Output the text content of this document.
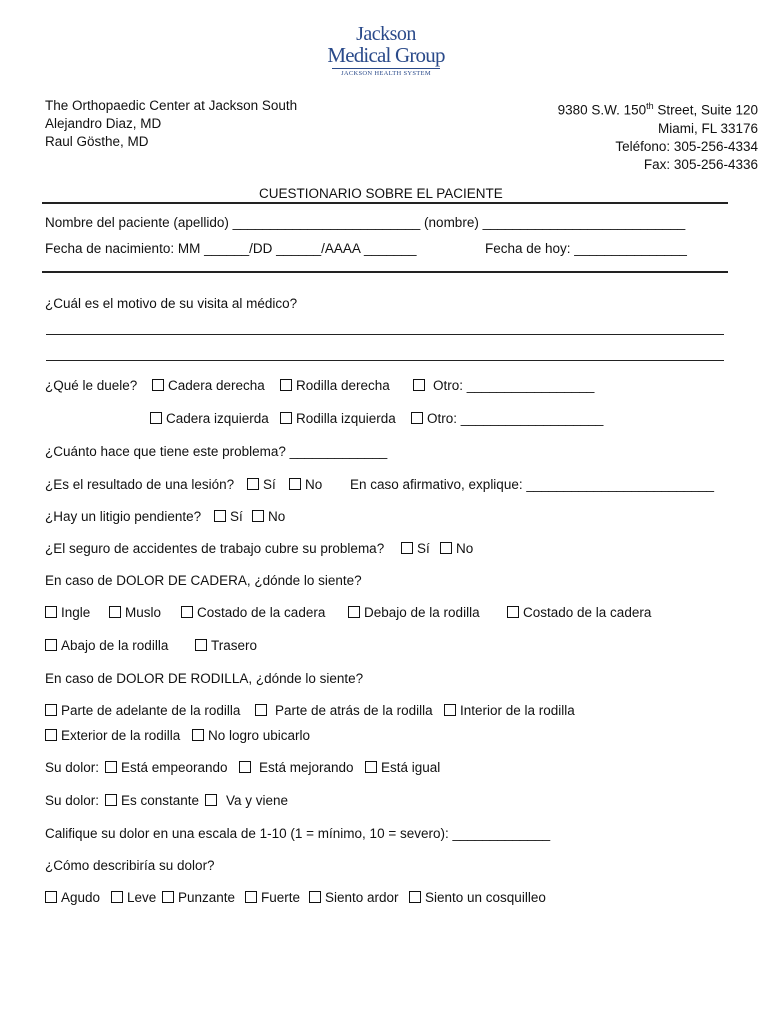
Jackson
Medical Group
JACKSON HEALTH SYSTEM
The Orthopaedic Center at Jackson South
Alejandro Diaz, MD
Raul Gösthe, MD
9380 S.W. 150th Street, Suite 120
Miami, FL 33176
Teléfono: 305-256-4334
Fax: 305-256-4336
CUESTIONARIO SOBRE EL PACIENTE
Nombre del paciente (apellido) _________________________ (nombre) ___________________________
Fecha de nacimiento: MM ______/DD ______/AAAA _______	Fecha de hoy: _______________
¿Cuál es el motivo de su visita al médico?
¿Qué le duele?	Cadera derecha	Rodilla derecha	Otro: _________________
Cadera izquierda	Rodilla izquierda	Otro: ___________________
¿Cuánto hace que tiene este problema? _____________
¿Es el resultado de una lesión?	Sí	No En caso afirmativo, explique: _________________________
¿Hay un litigio pendiente?	Sí	No
¿El seguro de accidentes de trabajo cubre su problema?	Sí	No
En caso de DOLOR DE CADERA, ¿dónde lo siente?
Ingle	Muslo	Costado de la cadera	Debajo de la rodilla	Costado de la cadera
Abajo de la rodilla	Trasero
En caso de DOLOR DE RODILLA, ¿dónde lo siente?
Parte de adelante de la rodilla	Parte de atrás de la rodilla	Interior de la rodilla
Exterior de la rodilla	No logro ubicarlo
Su dolor:	Está empeorando	Está mejorando	Está igual
Su dolor:	Es constante	Va y viene
Califique su dolor en una escala de 1-10 (1 = mínimo, 10 = severo): _____________
¿Cómo describiría su dolor?
Agudo	Leve	Punzante	Fuerte	Siento ardor	Siento un cosquilleo
